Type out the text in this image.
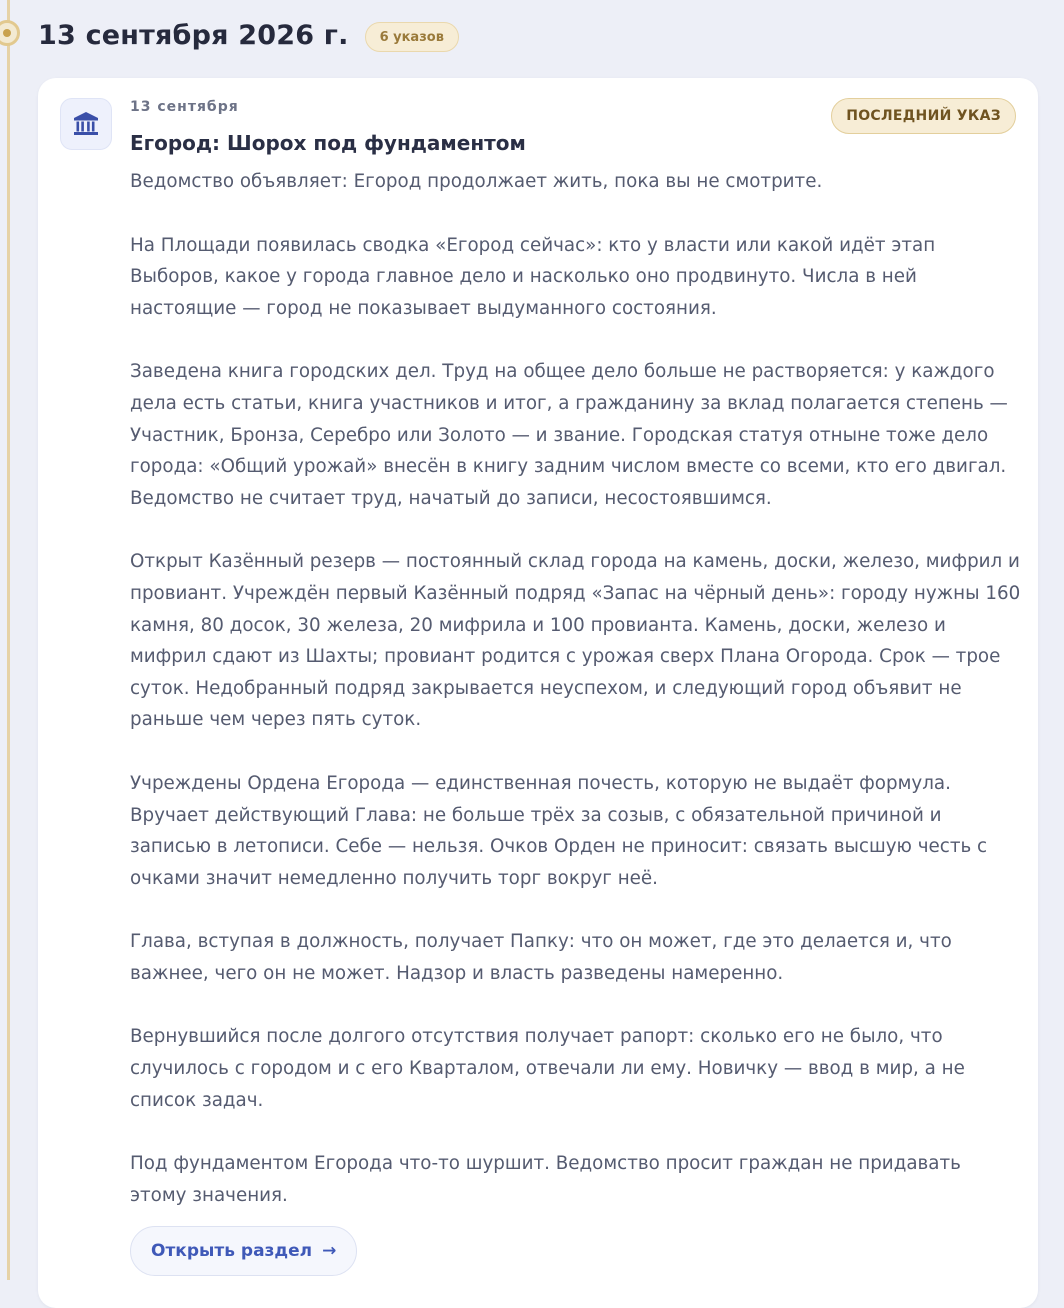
13 сентября 2026 г.	6 указов
13 сентября
Егород: Шорох под фундаментом
ПОСЛЕДНИЙ УКАЗ

Ведомство объявляет: Егород продолжает жить, пока вы не смотрите.

На Площади появилась сводка «Егород сейчас»: кто у власти или какой идёт этап Выборов, какое у города главное дело и насколько оно продвинуто. Числа в ней настоящие — город не показывает выдуманного состояния.

Заведена книга городских дел. Труд на общее дело больше не растворяется: у каждого дела есть статьи, книга участников и итог, а гражданину за вклад полагается степень — Участник, Бронза, Серебро или Золото — и звание. Городская статуя отныне тоже дело города: «Общий урожай» внесён в книгу задним числом вместе со всеми, кто его двигал. Ведомство не считает труд, начатый до записи, несостоявшимся.

Открыт Казённый резерв — постоянный склад города на камень, доски, железо, мифрил и провиант. Учреждён первый Казённый подряд «Запас на чёрный день»: городу нужны 160 камня, 80 досок, 30 железа, 20 мифрила и 100 провианта. Камень, доски, железо и мифрил сдают из Шахты; провиант родится с урожая сверх Плана Огорода. Срок — трое суток. Недобранный подряд закрывается неуспехом, и следующий город объявит не раньше чем через пять суток.

Учреждены Ордена Егорода — единственная почесть, которую не выдаёт формула. Вручает действующий Глава: не больше трёх за созыв, с обязательной причиной и записью в летописи. Себе — нельзя. Очков Орден не приносит: связать высшую честь с очками значит немедленно получить торг вокруг неё.

Глава, вступая в должность, получает Папку: что он может, где это делается и, что важнее, чего он не может. Надзор и власть разведены намеренно.

Вернувшийся после долгого отсутствия получает рапорт: сколько его не было, что случилось с городом и с его Кварталом, отвечали ли ему. Новичку — ввод в мир, а не список задач.

Под фундаментом Егорода что-то шуршит. Ведомство просит граждан не придавать этому значения.

Открыть раздел →
